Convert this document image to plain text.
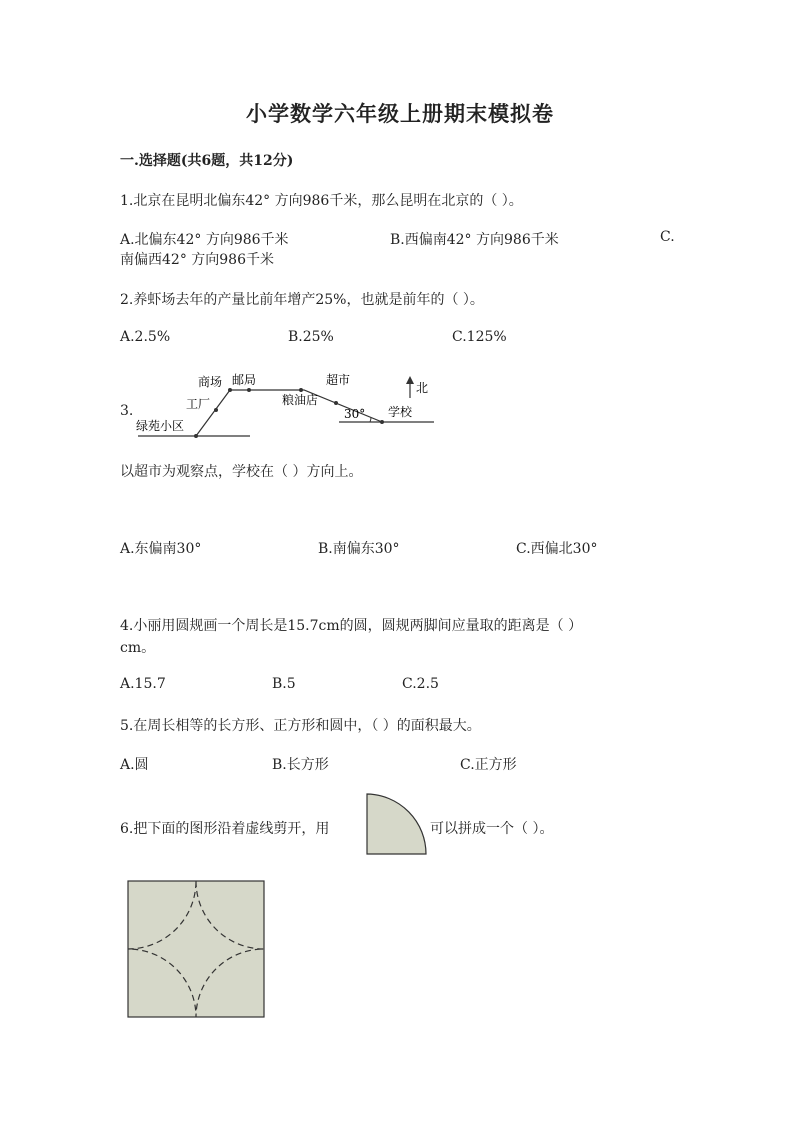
小学数学六年级上册期末模拟卷
一.选择题(共6题，共12分)
1.北京在昆明北偏东42° 方向986千米，那么昆明在北京的（ ）。
A.北偏东42° 方向986千米	B.西偏南42° 方向986千米	C.
南偏西42° 方向986千米
2.养虾场去年的产量比前年增产25%，也就是前年的（ ）。
A.2.5%	B.25%	C.125%
3.
绿苑小区
工厂
商场 邮局
粮油店
超市
学校
北
30°
以超市为观察点，学校在（ ）方向上。
A.东偏南30°	B.南偏东30°	C.西偏北30°
4.小丽用圆规画一个周长是15.7cm的圆，圆规两脚间应量取的距离是（ ）
cm。
A.15.7	B.5	C.2.5
5.在周长相等的长方形、正方形和圆中，（ ）的面积最大。
A.圆	B.长方形	C.正方形
6.把下面的图形沿着虚线剪开，用	可以拼成一个（ ）。
